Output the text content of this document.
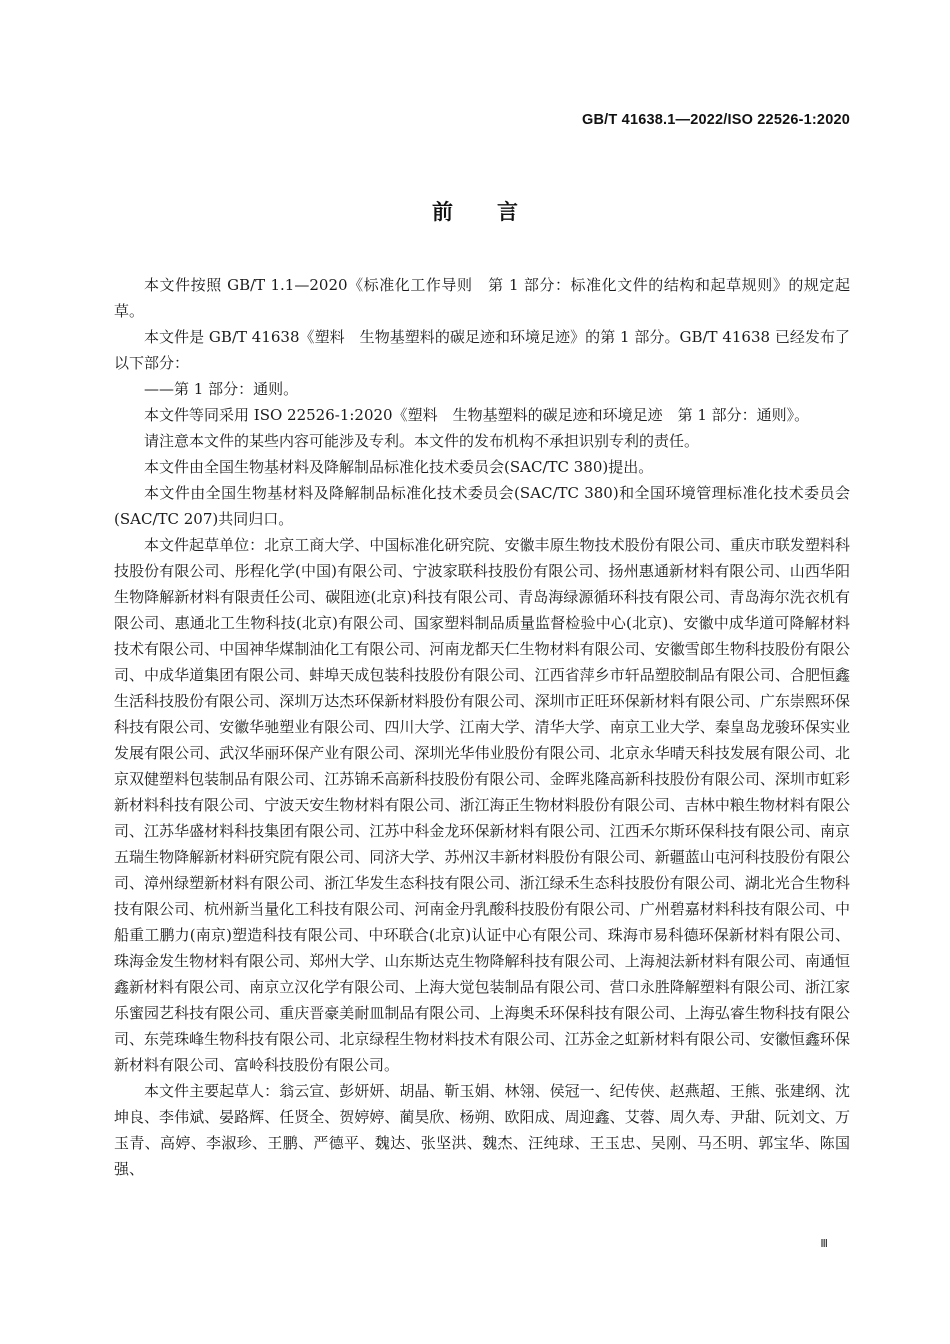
GB/T 41638.1—2022/ISO 22526-1:2020
前言

本文件按照 GB/T 1.1—2020《标准化工作导则　第 1 部分：标准化文件的结构和起草规则》的规定起草。

本文件是 GB/T 41638《塑料　生物基塑料的碳足迹和环境足迹》的第 1 部分。GB/T 41638 已经发布了以下部分：

——第 1 部分：通则。

本文件等同采用 ISO 22526-1:2020《塑料　生物基塑料的碳足迹和环境足迹　第 1 部分：通则》。

请注意本文件的某些内容可能涉及专利。本文件的发布机构不承担识别专利的责任。

本文件由全国生物基材料及降解制品标准化技术委员会(SAC/TC 380)提出。

本文件由全国生物基材料及降解制品标准化技术委员会(SAC/TC 380)和全国环境管理标准化技术委员会(SAC/TC 207)共同归口。

本文件起草单位：北京工商大学、中国标准化研究院、安徽丰原生物技术股份有限公司、重庆市联发塑料科技股份有限公司、彤程化学(中国)有限公司、宁波家联科技股份有限公司、扬州惠通新材料有限公司、山西华阳生物降解新材料有限责任公司、碳阻迹(北京)科技有限公司、青岛海绿源循环科技有限公司、青岛海尔洗衣机有限公司、惠通北工生物科技(北京)有限公司、国家塑料制品质量监督检验中心(北京)、安徽中成华道可降解材料技术有限公司、中国神华煤制油化工有限公司、河南龙都天仁生物材料有限公司、安徽雪郎生物科技股份有限公司、中成华道集团有限公司、蚌埠天成包装科技股份有限公司、江西省萍乡市轩品塑胶制品有限公司、合肥恒鑫生活科技股份有限公司、深圳万达杰环保新材料股份有限公司、深圳市正旺环保新材料有限公司、广东崇熙环保科技有限公司、安徽华驰塑业有限公司、四川大学、江南大学、清华大学、南京工业大学、秦皇岛龙骏环保实业发展有限公司、武汉华丽环保产业有限公司、深圳光华伟业股份有限公司、北京永华晴天科技发展有限公司、北京双健塑料包装制品有限公司、江苏锦禾高新科技股份有限公司、金晖兆隆高新科技股份有限公司、深圳市虹彩新材料科技有限公司、宁波天安生物材料有限公司、浙江海正生物材料股份有限公司、吉林中粮生物材料有限公司、江苏华盛材料科技集团有限公司、江苏中科金龙环保新材料有限公司、江西禾尔斯环保科技有限公司、南京五瑞生物降解新材料研究院有限公司、同济大学、苏州汉丰新材料股份有限公司、新疆蓝山屯河科技股份有限公司、漳州绿塑新材料有限公司、浙江华发生态科技有限公司、浙江绿禾生态科技股份有限公司、湖北光合生物科技有限公司、杭州新当量化工科技有限公司、河南金丹乳酸科技股份有限公司、广州碧嘉材料科技有限公司、中船重工鹏力(南京)塑造科技有限公司、中环联合(北京)认证中心有限公司、珠海市易科德环保新材料有限公司、珠海金发生物材料有限公司、郑州大学、山东斯达克生物降解科技有限公司、上海昶法新材料有限公司、南通恒鑫新材料有限公司、南京立汉化学有限公司、上海大觉包装制品有限公司、营口永胜降解塑料有限公司、浙江家乐蜜园艺科技有限公司、重庆晋豪美耐皿制品有限公司、上海奥禾环保科技有限公司、上海弘睿生物科技有限公司、东莞珠峰生物科技有限公司、北京绿程生物材料技术有限公司、江苏金之虹新材料有限公司、安徽恒鑫环保新材料有限公司、富岭科技股份有限公司。

本文件主要起草人：翁云宣、彭妍妍、胡晶、靳玉娟、林翎、侯冠一、纪传侠、赵燕超、王熊、张建纲、沈坤良、李伟斌、晏路辉、任贤全、贺婷婷、蔺昊欣、杨朔、欧阳成、周迎鑫、艾蓉、周久寿、尹甜、阮刘文、万玉青、高婷、李淑珍、王鹏、严德平、魏达、张坚洪、魏杰、汪纯球、王玉忠、吴刚、马丕明、郭宝华、陈国强、

Ⅲ
